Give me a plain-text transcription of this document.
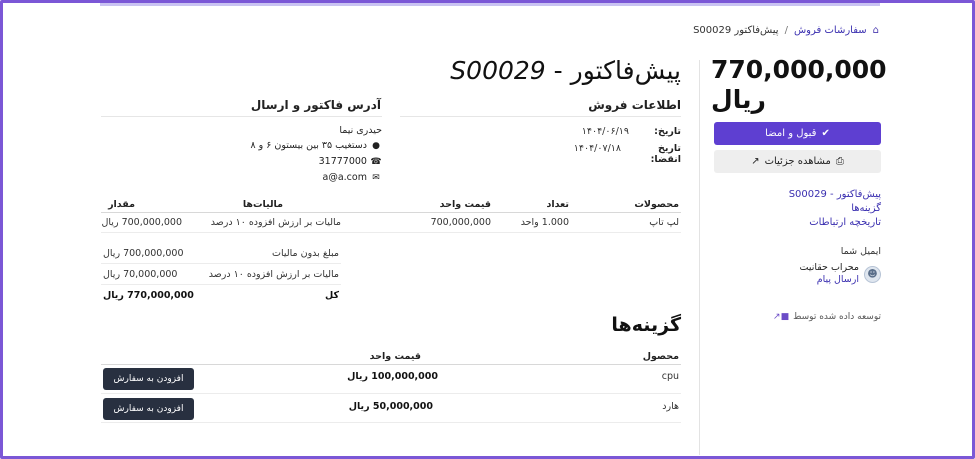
⌂
سفارشات فروش
/
پیش‌فاکتور S00029
770,000,000
ریال
✔
قبول و امضا
⎙
مشاهده جزئیات
↗
پیش‌فاکتور - S00029
گزینه‌ها
تاریخچه ارتباطات
ایمیل شما
☻
محراب حقانیت
ارسال پیام
توسعه داده شده توسط
■↗
پیش‌فاکتور - S00029
اطلاعات فروش
آدرس فاکتور و ارسال
تاریخ:
۱۴۰۴/۰۶/۱۹
تاریخ انقضا:
۱۴۰۴/۰۷/۱۸
حیدری نیما
● دستغیب ۳۵ بین بیستون ۶ و ۸
☎ 31777000
✉ a@a.com
محصولات
تعداد
قیمت واحد
مالیات‌ها
مقدار
لپ تاپ
1.000 واحد
700,000,000
مالیات بر ارزش افزوده ۱۰ درصد
700,000,000 ریال
مبلغ بدون مالیات
700,000,000 ریال
مالیات بر ارزش افزوده ۱۰ درصد
70,000,000 ریال
کل
770,000,000 ریال
گزینه‌ها
محصول
قیمت واحد
cpu
100,000,000 ریال
افزودن به سفارش
هارد
50,000,000 ریال
افزودن به سفارش
